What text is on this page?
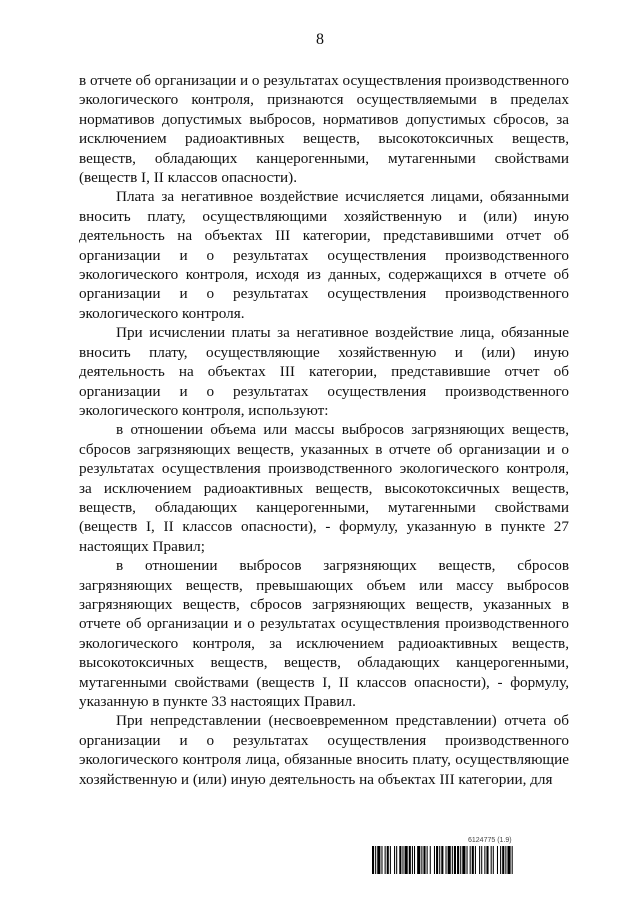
8

в отчете об организации и о результатах осуществления производственного экологического контроля, признаются осуществляемыми в пределах нормативов допустимых выбросов, нормативов допустимых сбросов, за исключением радиоактивных веществ, высокотоксичных веществ, веществ, обладающих канцерогенными, мутагенными свойствами (веществ I, II классов опасности).

Плата за негативное воздействие исчисляется лицами, обязанными вносить плату, осуществляющими хозяйственную и (или) иную деятельность на объектах III категории, представившими отчет об организации и о результатах осуществления производственного экологического контроля, исходя из данных, содержащихся в отчете об организации и о результатах осуществления производственного экологического контроля.

При исчислении платы за негативное воздействие лица, обязанные вносить плату, осуществляющие хозяйственную и (или) иную деятельность на объектах III категории, представившие отчет об организации и о результатах осуществления производственного экологического контроля, используют:

в отношении объема или массы выбросов загрязняющих веществ, сбросов загрязняющих веществ, указанных в отчете об организации и о результатах осуществления производственного экологического контроля, за исключением радиоактивных веществ, высокотоксичных веществ, веществ, обладающих канцерогенными, мутагенными свойствами (веществ I, II классов опасности), - формулу, указанную в пункте 27 настоящих Правил;

в отношении выбросов загрязняющих веществ, сбросов загрязняющих веществ, превышающих объем или массу выбросов загрязняющих веществ, сбросов загрязняющих веществ, указанных в отчете об организации и о результатах осуществления производственного экологического контроля, за исключением радиоактивных веществ, высокотоксичных веществ, веществ, обладающих канцерогенными, мутагенными свойствами (веществ I, II классов опасности), - формулу, указанную в пункте 33 настоящих Правил.

При непредставлении (несвоевременном представлении) отчета об организации и о результатах осуществления производственного экологического контроля лица, обязанные вносить плату, осуществляющие хозяйственную и (или) иную деятельность на объектах III категории, для

6124775 (1.9)
